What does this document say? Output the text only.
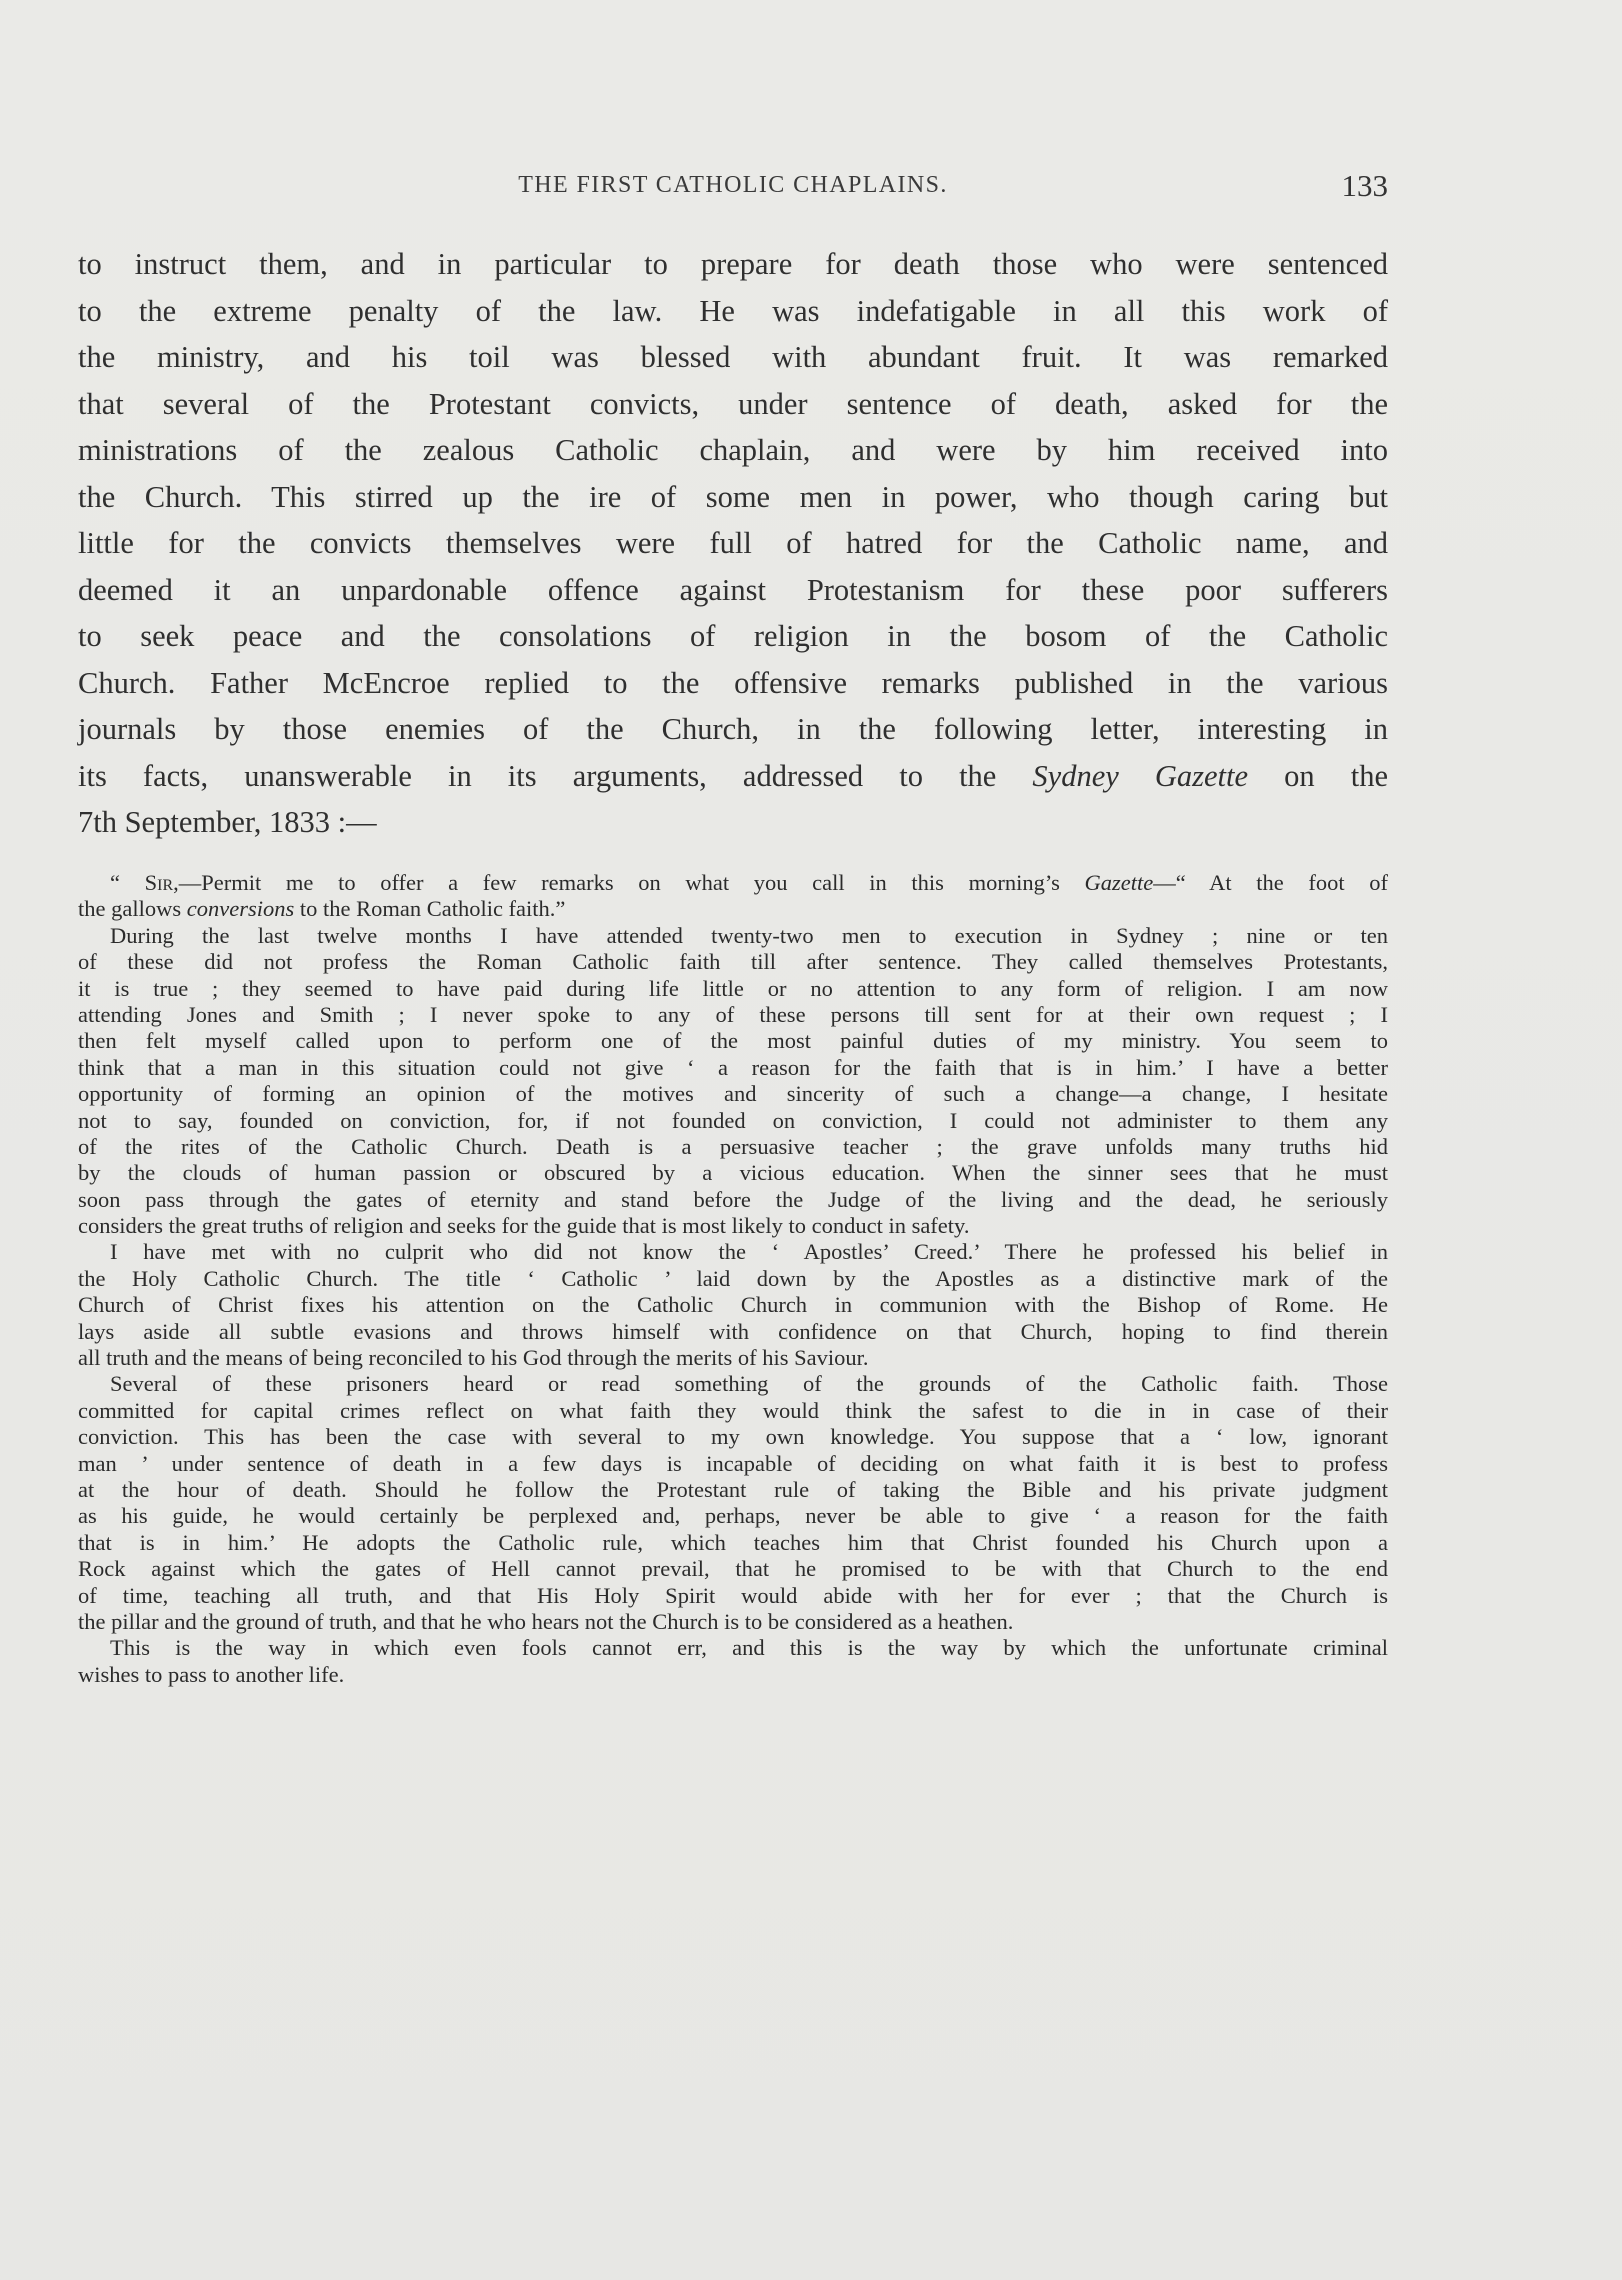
THE FIRST CATHOLIC CHAPLAINS.	133
to instruct them, and in particular to prepare for death those who were sentenced
to the extreme penalty of the law. He was indefatigable in all this work of
the ministry, and his toil was blessed with abundant fruit. It was remarked
that several of the Protestant convicts, under sentence of death, asked for the
ministrations of the zealous Catholic chaplain, and were by him received into
the Church. This stirred up the ire of some men in power, who though caring but
little for the convicts themselves were full of hatred for the Catholic name, and
deemed it an unpardonable offence against Protestanism for these poor sufferers
to seek peace and the consolations of religion in the bosom of the Catholic
Church. Father McEncroe replied to the offensive remarks published in the various
journals by those enemies of the Church, in the following letter, interesting in
its facts, unanswerable in its arguments, addressed to the Sydney Gazette on the
7th September, 1833 :—
“ Sir,—Permit me to offer a few remarks on what you call in this morning’s Gazette—“ At the foot of
the gallows conversions to the Roman Catholic faith.”
During the last twelve months I have attended twenty-two men to execution in Sydney ; nine or ten
of these did not profess the Roman Catholic faith till after sentence. They called themselves Protestants,
it is true ; they seemed to have paid during life little or no attention to any form of religion. I am now
attending Jones and Smith ; I never spoke to any of these persons till sent for at their own request ; I
then felt myself called upon to perform one of the most painful duties of my ministry. You seem to
think that a man in this situation could not give ‘ a reason for the faith that is in him.’ I have a better
opportunity of forming an opinion of the motives and sincerity of such a change—a change, I hesitate
not to say, founded on conviction, for, if not founded on conviction, I could not administer to them any
of the rites of the Catholic Church. Death is a persuasive teacher ; the grave unfolds many truths hid
by the clouds of human passion or obscured by a vicious education. When the sinner sees that he must
soon pass through the gates of eternity and stand before the Judge of the living and the dead, he seriously
considers the great truths of religion and seeks for the guide that is most likely to conduct in safety.
I have met with no culprit who did not know the ‘ Apostles’ Creed.’ There he professed his belief in
the Holy Catholic Church. The title ‘ Catholic ’ laid down by the Apostles as a distinctive mark of the
Church of Christ fixes his attention on the Catholic Church in communion with the Bishop of Rome. He
lays aside all subtle evasions and throws himself with confidence on that Church, hoping to find therein
all truth and the means of being reconciled to his God through the merits of his Saviour.
Several of these prisoners heard or read something of the grounds of the Catholic faith. Those
committed for capital crimes reflect on what faith they would think the safest to die in in case of their
conviction. This has been the case with several to my own knowledge. You suppose that a ‘ low, ignorant
man ’ under sentence of death in a few days is incapable of deciding on what faith it is best to profess
at the hour of death. Should he follow the Protestant rule of taking the Bible and his private judgment
as his guide, he would certainly be perplexed and, perhaps, never be able to give ‘ a reason for the faith
that is in him.’ He adopts the Catholic rule, which teaches him that Christ founded his Church upon a
Rock against which the gates of Hell cannot prevail, that he promised to be with that Church to the end
of time, teaching all truth, and that His Holy Spirit would abide with her for ever ; that the Church is
the pillar and the ground of truth, and that he who hears not the Church is to be considered as a heathen.
This is the way in which even fools cannot err, and this is the way by which the unfortunate criminal
wishes to pass to another life.
